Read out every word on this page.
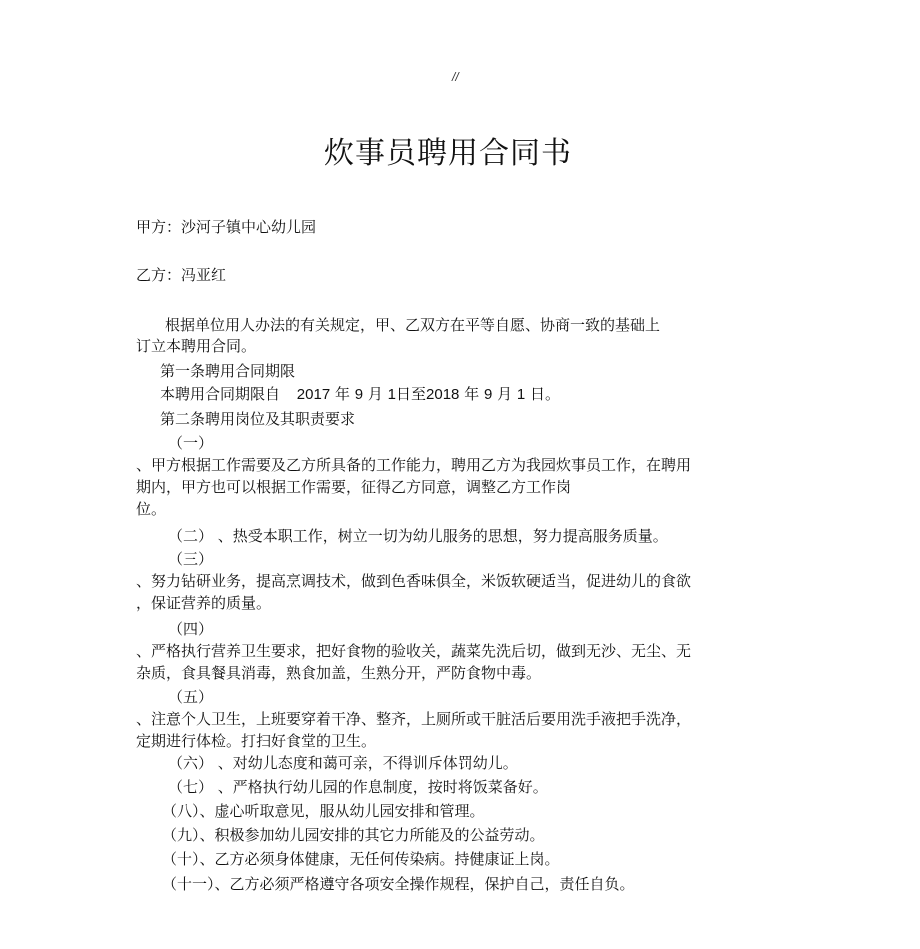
//
炊事员聘用合同书
甲方：沙河子镇中心幼儿园
乙方：冯亚红
根据单位用人办法的有关规定，甲、乙双方在平等自愿、协商一致的基础上
订立本聘用合同。
第一条聘用合同期限
本聘用合同期限自 2017 年 9 月 1日至2018 年 9 月 1 日。
第二条聘用岗位及其职责要求
（一）
、甲方根据工作需要及乙方所具备的工作能力，聘用乙方为我园炊事员工作，在聘用
期内，甲方也可以根据工作需要，征得乙方同意，调整乙方工作岗
位。
（二） 、热受本职工作，树立一切为幼儿服务的思想，努力提高服务质量。
（三）
、努力钻研业务，提高烹调技术，做到色香味俱全，米饭软硬适当，促进幼儿的食欲
，保证营养的质量。
（四）
、严格执行营养卫生要求，把好食物的验收关，蔬菜先洗后切，做到无沙、无尘、无
杂质，食具餐具消毒，熟食加盖，生熟分开，严防食物中毒。
（五）
、注意个人卫生，上班要穿着干净、整齐，上厕所或干脏活后要用洗手液把手洗净，
定期进行体检。打扫好食堂的卫生。
（六） 、对幼儿态度和蔼可亲，不得训斥体罚幼儿。
（七） 、严格执行幼儿园的作息制度，按时将饭菜备好。
（八）、虚心听取意见，服从幼儿园安排和管理。
（九）、积极参加幼儿园安排的其它力所能及的公益劳动。
（十）、乙方必须身体健康，无任何传染病。持健康证上岗。
（十一）、乙方必须严格遵守各项安全操作规程，保护自己，责任自负。
